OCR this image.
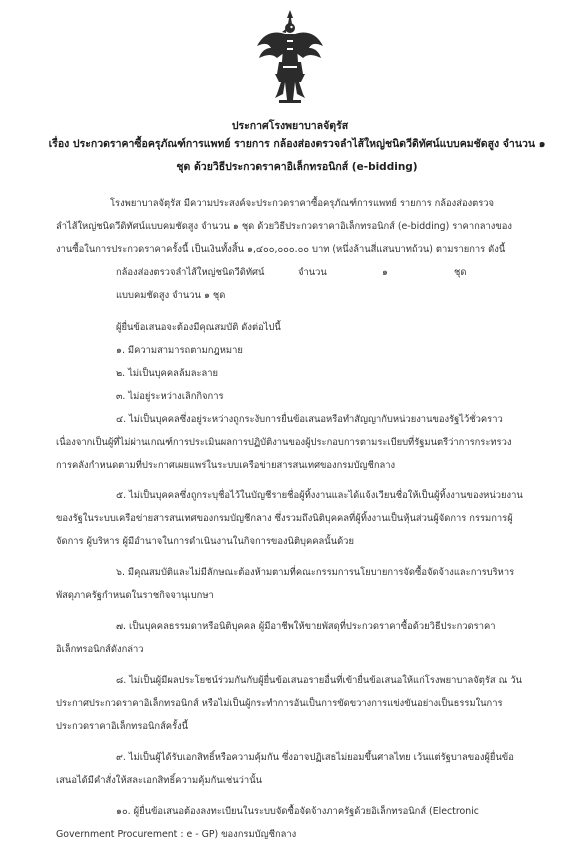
ประกาศโรงพยาบาลจัตุรัส
เรื่อง ประกวดราคาซื้อครุภัณฑ์การแพทย์ รายการ กล้องส่องตรวจลำไส้ใหญ่ชนิดวีดิทัศน์แบบคมชัดสูง จำนวน ๑
ชุด ด้วยวิธีประกวดราคาอิเล็กทรอนิกส์ (e-bidding)
โรงพยาบาลจัตุรัส มีความประสงค์จะประกวดราคาซื้อครุภัณฑ์การแพทย์ รายการ กล้องส่องตรวจ
ลำไส้ใหญ่ชนิดวีดิทัศน์แบบคมชัดสูง จำนวน ๑ ชุด ด้วยวิธีประกวดราคาอิเล็กทรอนิกส์ (e-bidding) ราคากลางของ
งานซื้อในการประกวดราคาครั้งนี้ เป็นเงินทั้งสิ้น ๑,๔๐๐,๐๐๐.๐๐ บาท (หนึ่งล้านสี่แสนบาทถ้วน) ตามรายการ ดังนี้
กล้องส่องตรวจลำไส้ใหญ่ชนิดวีดิทัศน์
แบบคมชัดสูง จำนวน ๑ ชุด
จำนวน	๑	ชุด
ผู้ยื่นข้อเสนอจะต้องมีคุณสมบัติ ดังต่อไปนี้
๑. มีความสามารถตามกฎหมาย
๒. ไม่เป็นบุคคลล้มละลาย
๓. ไม่อยู่ระหว่างเลิกกิจการ
๔. ไม่เป็นบุคคลซึ่งอยู่ระหว่างถูกระงับการยื่นข้อเสนอหรือทำสัญญากับหน่วยงานของรัฐไว้ชั่วคราว
เนื่องจากเป็นผู้ที่ไม่ผ่านเกณฑ์การประเมินผลการปฏิบัติงานของผู้ประกอบการตามระเบียบที่รัฐมนตรีว่าการกระทรวง
การคลังกำหนดตามที่ประกาศเผยแพร่ในระบบเครือข่ายสารสนเทศของกรมบัญชีกลาง
๕. ไม่เป็นบุคคลซึ่งถูกระบุชื่อไว้ในบัญชีรายชื่อผู้ทิ้งงานและได้แจ้งเวียนชื่อให้เป็นผู้ทิ้งงานของหน่วยงาน
ของรัฐในระบบเครือข่ายสารสนเทศของกรมบัญชีกลาง ซึ่งรวมถึงนิติบุคคลที่ผู้ทิ้งงานเป็นหุ้นส่วนผู้จัดการ กรรมการผู้
จัดการ ผู้บริหาร ผู้มีอำนาจในการดำเนินงานในกิจการของนิติบุคคลนั้นด้วย
๖. มีคุณสมบัติและไม่มีลักษณะต้องห้ามตามที่คณะกรรมการนโยบายการจัดซื้อจัดจ้างและการบริหาร
พัสดุภาครัฐกำหนดในราชกิจจานุเบกษา
๗. เป็นบุคคลธรรมดาหรือนิติบุคคล ผู้มีอาชีพให้ขายพัสดุที่ประกวดราคาซื้อด้วยวิธีประกวดราคา
อิเล็กทรอนิกส์ดังกล่าว
๘. ไม่เป็นผู้มีผลประโยชน์ร่วมกันกับผู้ยื่นข้อเสนอรายอื่นที่เข้ายื่นข้อเสนอให้แก่โรงพยาบาลจัตุรัส ณ วัน
ประกาศประกวดราคาอิเล็กทรอนิกส์ หรือไม่เป็นผู้กระทำการอันเป็นการขัดขวางการแข่งขันอย่างเป็นธรรมในการ
ประกวดราคาอิเล็กทรอนิกส์ครั้งนี้
๙. ไม่เป็นผู้ได้รับเอกสิทธิ์หรือความคุ้มกัน ซึ่งอาจปฏิเสธไม่ยอมขึ้นศาลไทย เว้นแต่รัฐบาลของผู้ยื่นข้อ
เสนอได้มีคำสั่งให้สละเอกสิทธิ์ความคุ้มกันเช่นว่านั้น
๑๐. ผู้ยื่นข้อเสนอต้องลงทะเบียนในระบบจัดซื้อจัดจ้างภาครัฐด้วยอิเล็กทรอนิกส์ (Electronic
Government Procurement : e - GP) ของกรมบัญชีกลาง
